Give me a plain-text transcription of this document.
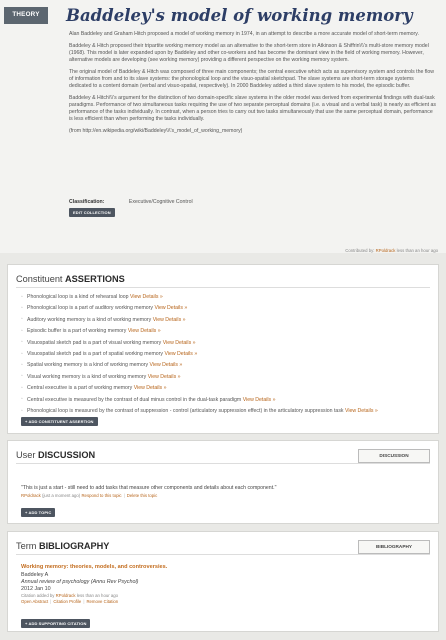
THEORY	Baddeley's model of working memory

Alan Baddeley and Graham Hitch proposed a model of working memory in 1974, in an attempt to describe a more accurate model of short-term memory.

Baddeley & Hitch proposed their tripartite working memory model as an alternative to the short-term store in Atkinson & Shiffrin\\\'s multi-store memory model (1968). This model is later expanded upon by Baddeley and other co-workers and has become the dominant view in the field of working memory. However, alternative models are developing (see working memory) providing a different perspective on the working memory system.

The original model of Baddeley & Hitch was composed of three main components; the central executive which acts as supervisory system and controls the flow of information from and to its slave systems: the phonological loop and the visuo-spatial sketchpad. The slave systems are short-term storage systems dedicated to a content domain (verbal and visuo-spatial, respectively). In 2000 Baddeley added a third slave system to his model, the episodic buffer.

Baddeley & Hitch\\\'s argument for the distinction of two domain-specific slave systems in the older model was derived from experimental findings with dual-task paradigms. Performance of two simultaneous tasks requiring the use of two separate perceptual domains (i.e. a visual and a verbal task) is nearly as efficient as performance of the tasks individually. In contrast, when a person tries to carry out two tasks simultaneously that use the same perceptual domain, performance is less efficient than when performing the tasks individually.

(from http://en.wikipedia.org/wiki/Baddeley\\\'s_model_of_working_memory)

Classification:	Executive/Cognitive Control
EDIT COLLECTION
Contributed by: RPoldrack less than an hour ago
Constituent ASSERTIONS
◦ Phonological loop is a kind of rehearsal loop View Details »
◦ Phonological loop is a part of auditory working memory View Details »
◦ Auditory working memory is a kind of working memory View Details »
◦ Episodic buffer is a part of working memory View Details »
◦ Visuospatial sketch pad is a part of visual working memory View Details »
◦ Visuospatial sketch pad is a part of spatial working memory View Details »
◦ Spatial working memory is a kind of working memory View Details »
◦ Visual working memory is a kind of working memory View Details »
◦ Central executive is a part of working memory View Details »
◦ Central executive is measured by the contrast of dual minus control in the dual-task paradigm View Details »
◦ Phonological loop is measured by the contrast of suppression - control (articulatory suppression effect) in the articulatory suppression task View Details »
+ ADD CONSTITUENT ASSERTION
User DISCUSSION	DISCUSSION
"This is just a start - still need to add tasks that measure other components and details about each component."
RPoldrack (just a moment ago) Respond to this topic | Delete this topic
+ ADD TOPIC
Term BIBLIOGRAPHY	BIBLIOGRAPHY
Working memory: theories, models, and controversies.
Baddeley A
Annual review of psychology (Annu Rev Psychol)
2012 Jan 10
Citation added by RPoldrack less than an hour ago
Open Abstract | Citation Profile | Remove Citation
+ ADD SUPPORTING CITATION
